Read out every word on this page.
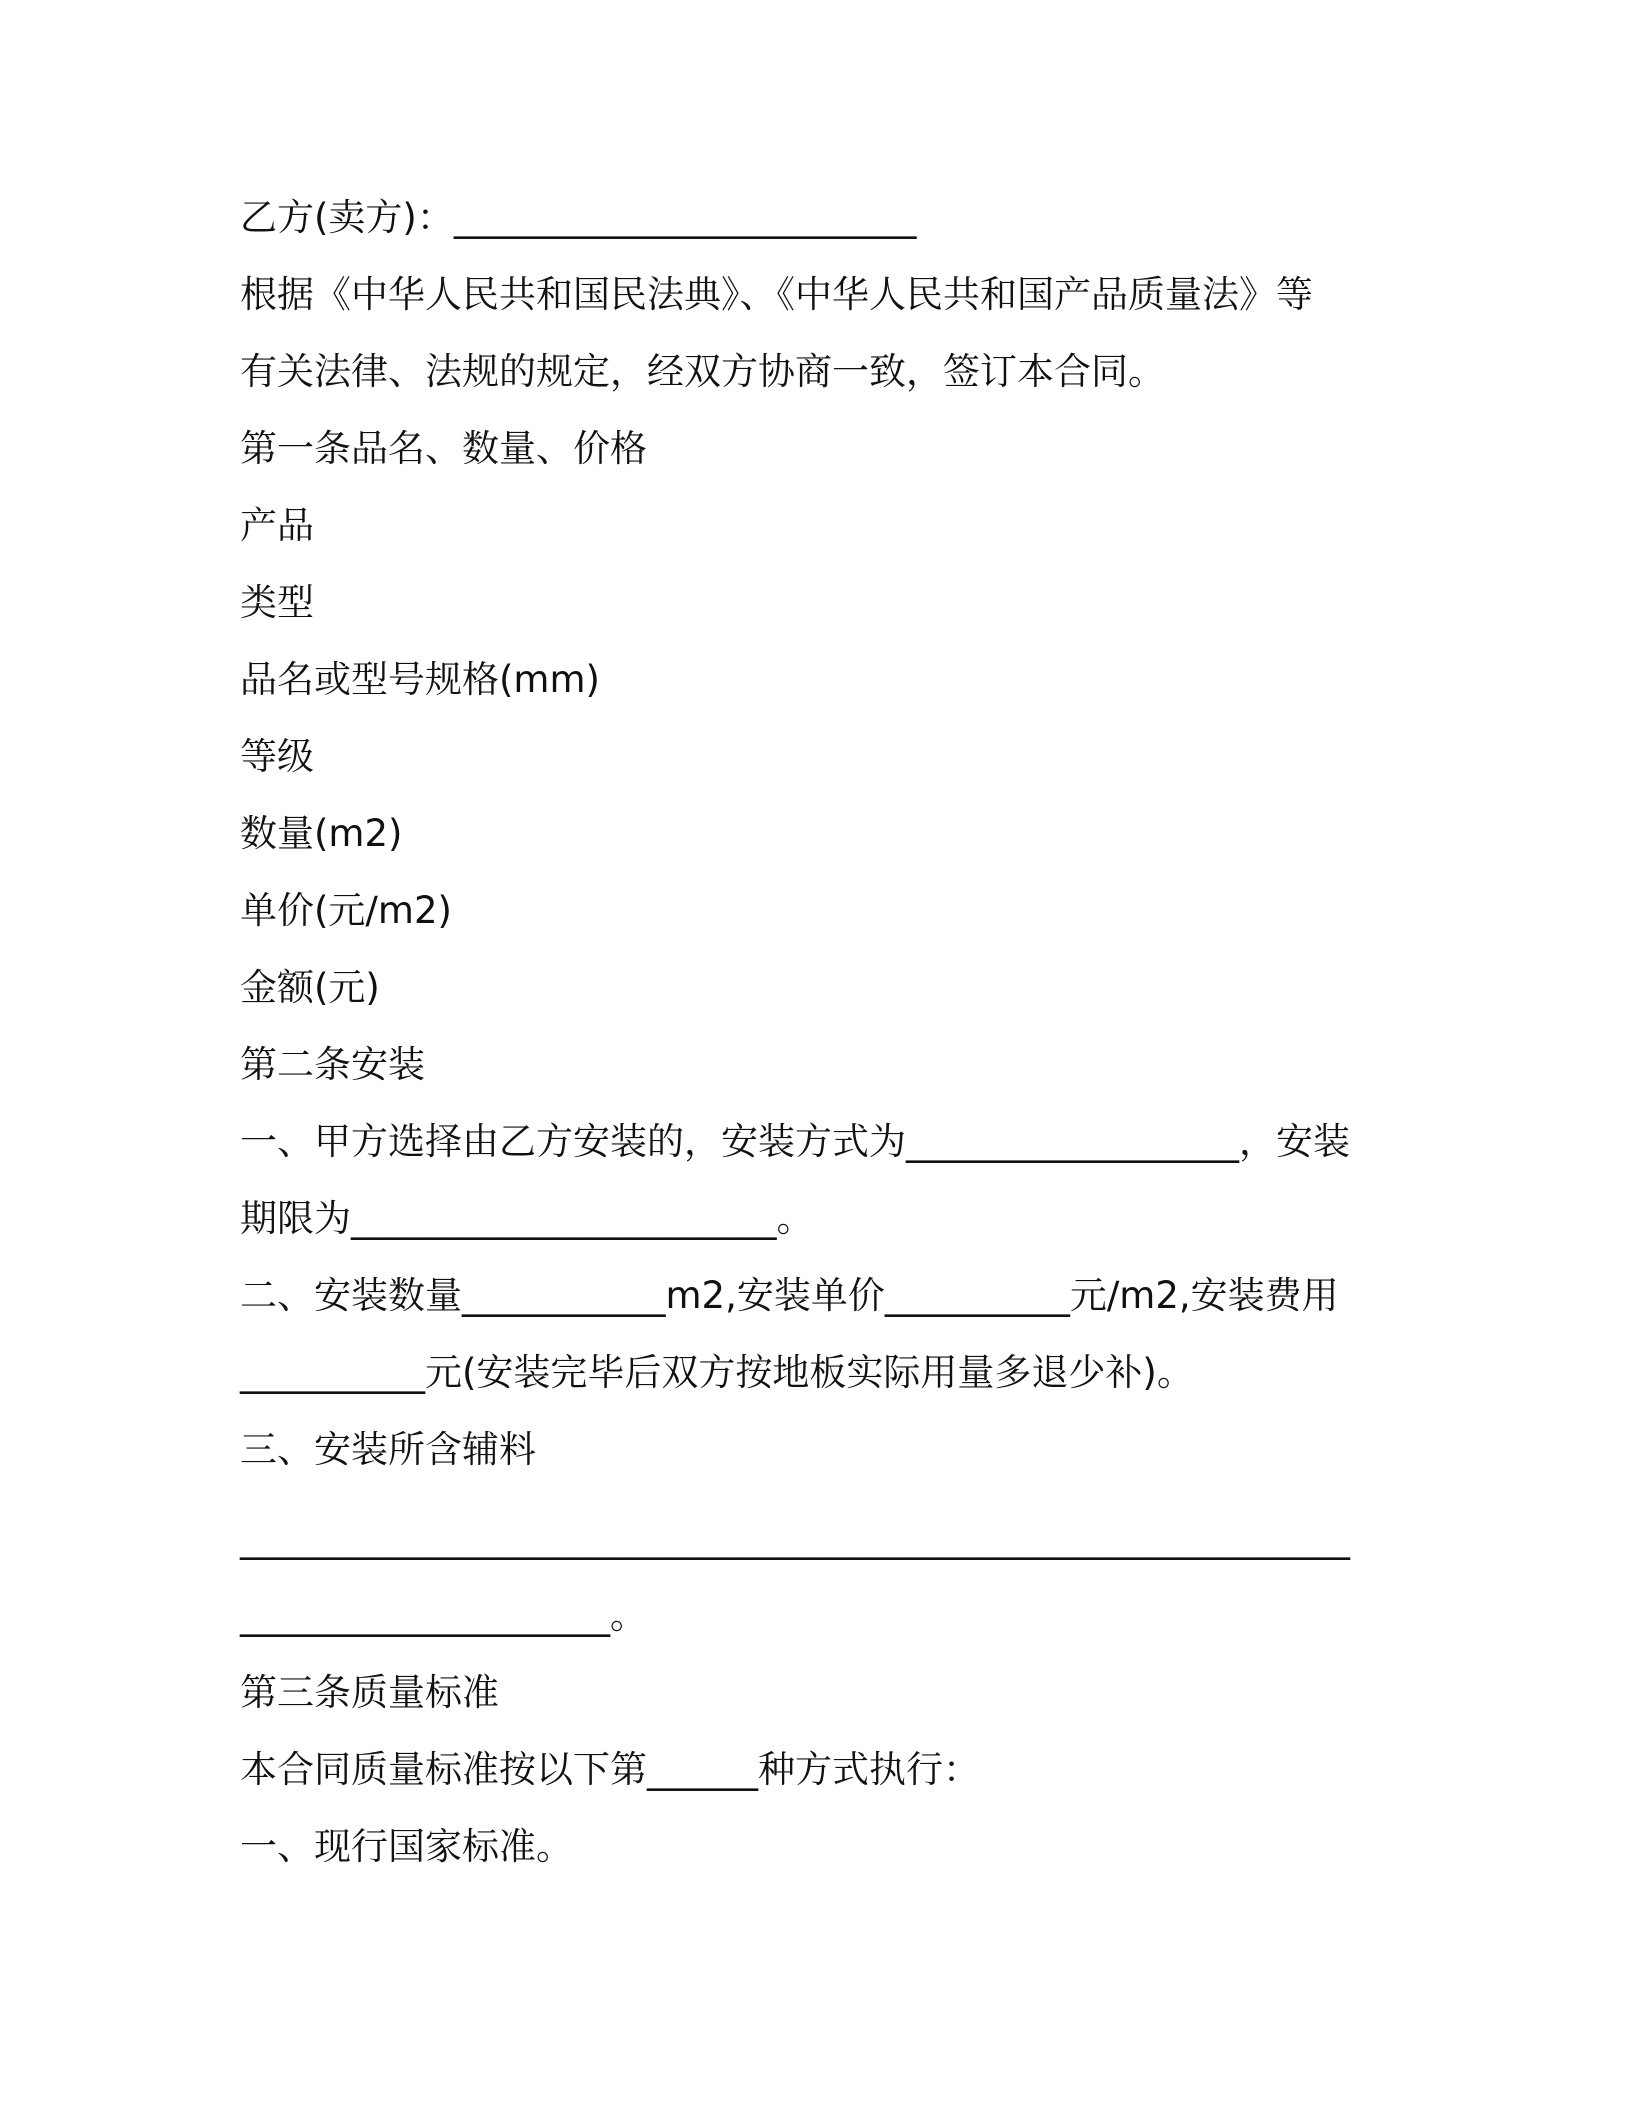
乙方(卖方)：_________________________
根据《中华人民共和国民法典》、《中华人民共和国产品质量法》等
有关法律、法规的规定，经双方协商一致，签订本合同。
第一条品名、数量、价格
产品
类型
品名或型号规格(mm)
等级
数量(m2)
单价(元/m2)
金额(元)
第二条安装
一、甲方选择由乙方安装的，安装方式为__________________，安装
期限为_______________________。
二、安装数量___________m2,安装单价__________元/m2,安装费用
__________元(安装完毕后双方按地板实际用量多退少补)。
三、安装所含辅料
____________________________________________________________
____________________。
第三条质量标准
本合同质量标准按以下第______种方式执行：
一、现行国家标准。
